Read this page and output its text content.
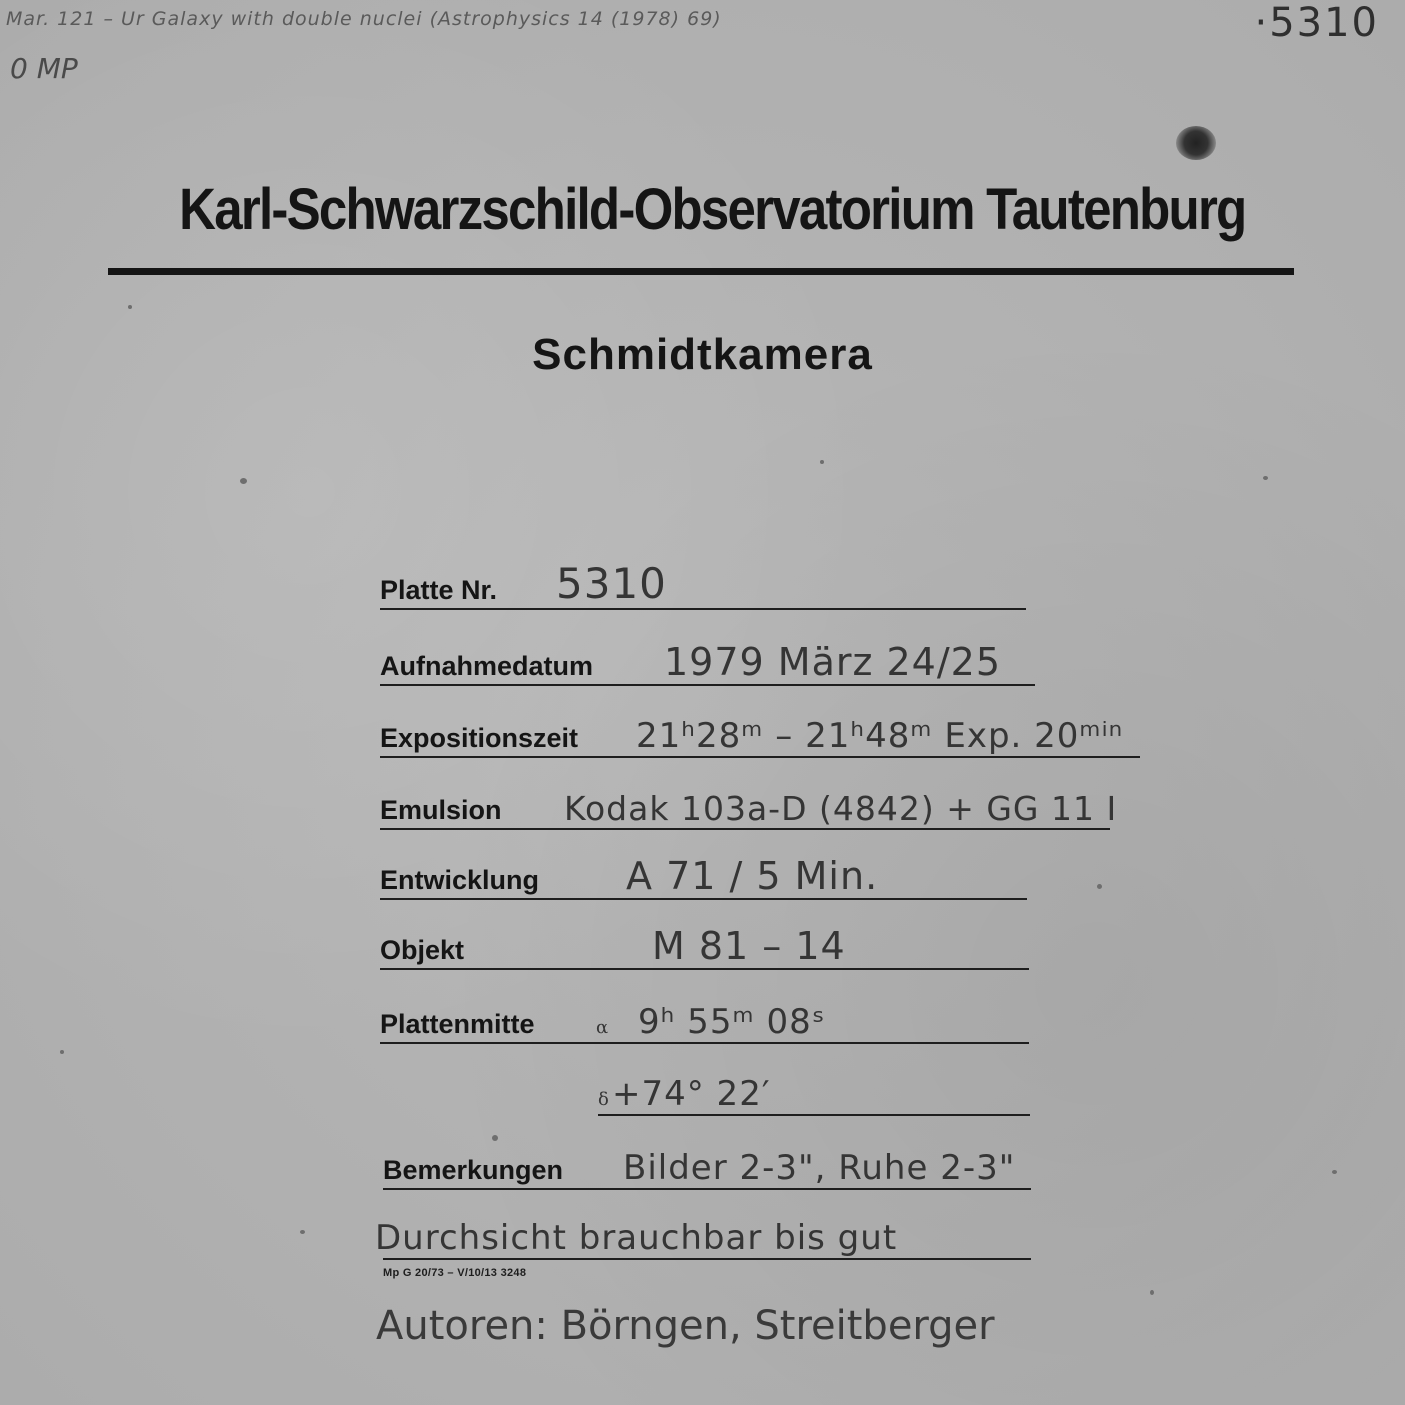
Mar. 121 – Ur Galaxy with double nuclei (Astrophysics 14 (1978) 69)
0 MP
·5310
Karl-Schwarzschild-Observatorium Tautenburg
Schmidtkamera
Platte Nr. 5310
Aufnahmedatum 1979 März 24/25
Expositionszeit 21ʰ28ᵐ – 21ʰ48ᵐ Exp. 20ᵐⁱⁿ
Emulsion Kodak 103a-D (4842) + GG 11 I
Entwicklung A 71 / 5 Min.
Objekt	M 81 – 14
Plattenmitte	α 9ʰ 55ᵐ 08ˢ
δ +74° 22′
Bemerkungen Bilder 2-3", Ruhe 2-3"
Durchsicht brauchbar bis gut
Mp G 20/73 – V/10/13 3248
Autoren: Börngen, Streitberger
